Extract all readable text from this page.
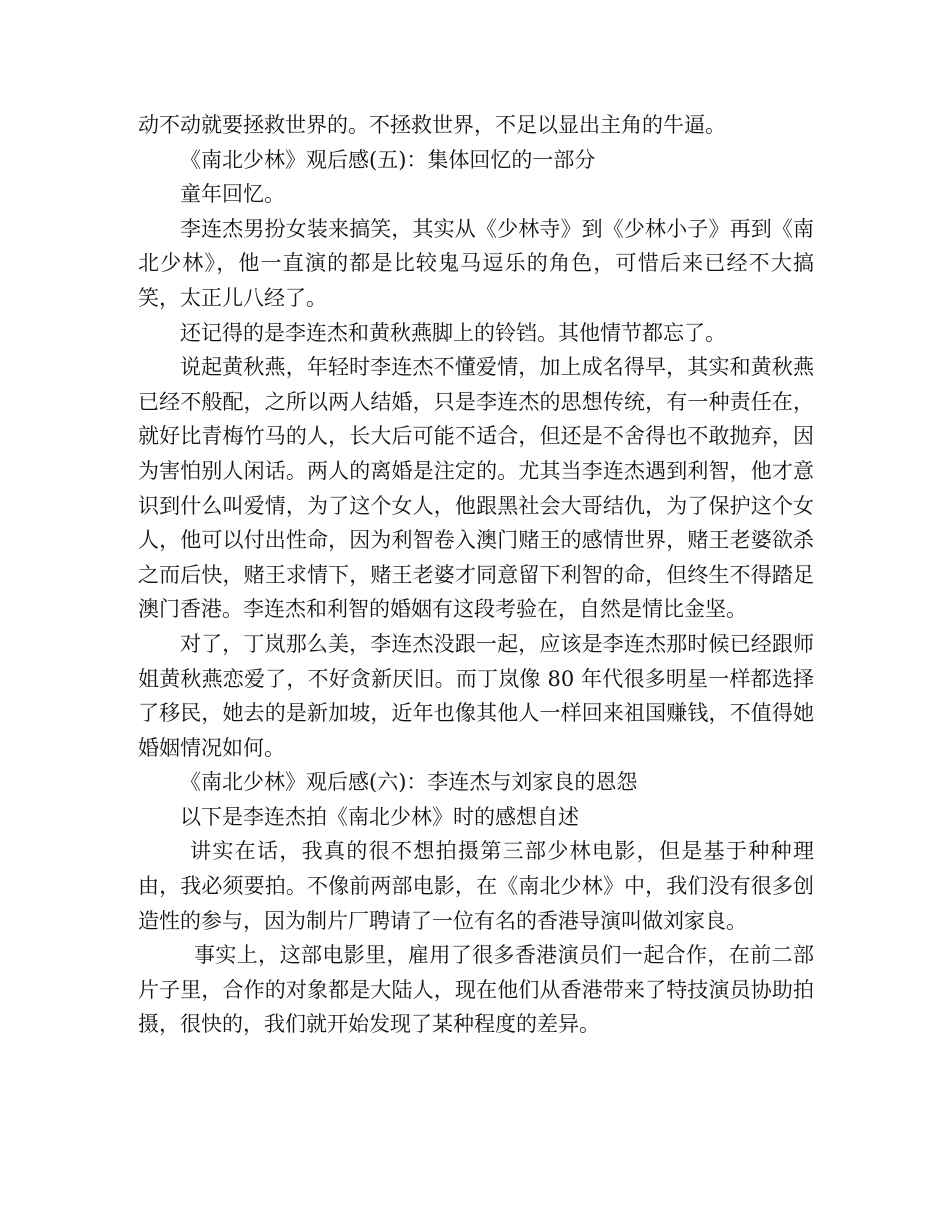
动不动就要拯救世界的。不拯救世界，不足以显出主角的牛逼。

《南北少林》观后感(五)：集体回忆的一部分

童年回忆。

李连杰男扮女装来搞笑，其实从《少林寺》到《少林小子》再到《南北少林》，他一直演的都是比较鬼马逗乐的角色，可惜后来已经不大搞笑，太正儿八经了。

还记得的是李连杰和黄秋燕脚上的铃铛。其他情节都忘了。

说起黄秋燕，年轻时李连杰不懂爱情，加上成名得早，其实和黄秋燕已经不般配，之所以两人结婚，只是李连杰的思想传统，有一种责任在，就好比青梅竹马的人，长大后可能不适合，但还是不舍得也不敢抛弃，因为害怕别人闲话。两人的离婚是注定的。尤其当李连杰遇到利智，他才意识到什么叫爱情，为了这个女人，他跟黑社会大哥结仇，为了保护这个女人，他可以付出性命，因为利智卷入澳门赌王的感情世界，赌王老婆欲杀之而后快，赌王求情下，赌王老婆才同意留下利智的命，但终生不得踏足澳门香港。李连杰和利智的婚姻有这段考验在，自然是情比金坚。

对了，丁岚那么美，李连杰没跟一起，应该是李连杰那时候已经跟师姐黄秋燕恋爱了，不好贪新厌旧。而丁岚像 80 年代很多明星一样都选择了移民，她去的是新加坡，近年也像其他人一样回来祖国赚钱，不值得她婚姻情况如何。

《南北少林》观后感(六)：李连杰与刘家良的恩怨

以下是李连杰拍《南北少林》时的感想自述

讲实在话，我真的很不想拍摄第三部少林电影，但是基于种种理由，我必须要拍。不像前两部电影，在《南北少林》中，我们没有很多创造性的参与，因为制片厂聘请了一位有名的香港导演叫做刘家良。

事实上，这部电影里，雇用了很多香港演员们一起合作，在前二部片子里，合作的对象都是大陆人，现在他们从香港带来了特技演员协助拍摄，很快的，我们就开始发现了某种程度的差异。
